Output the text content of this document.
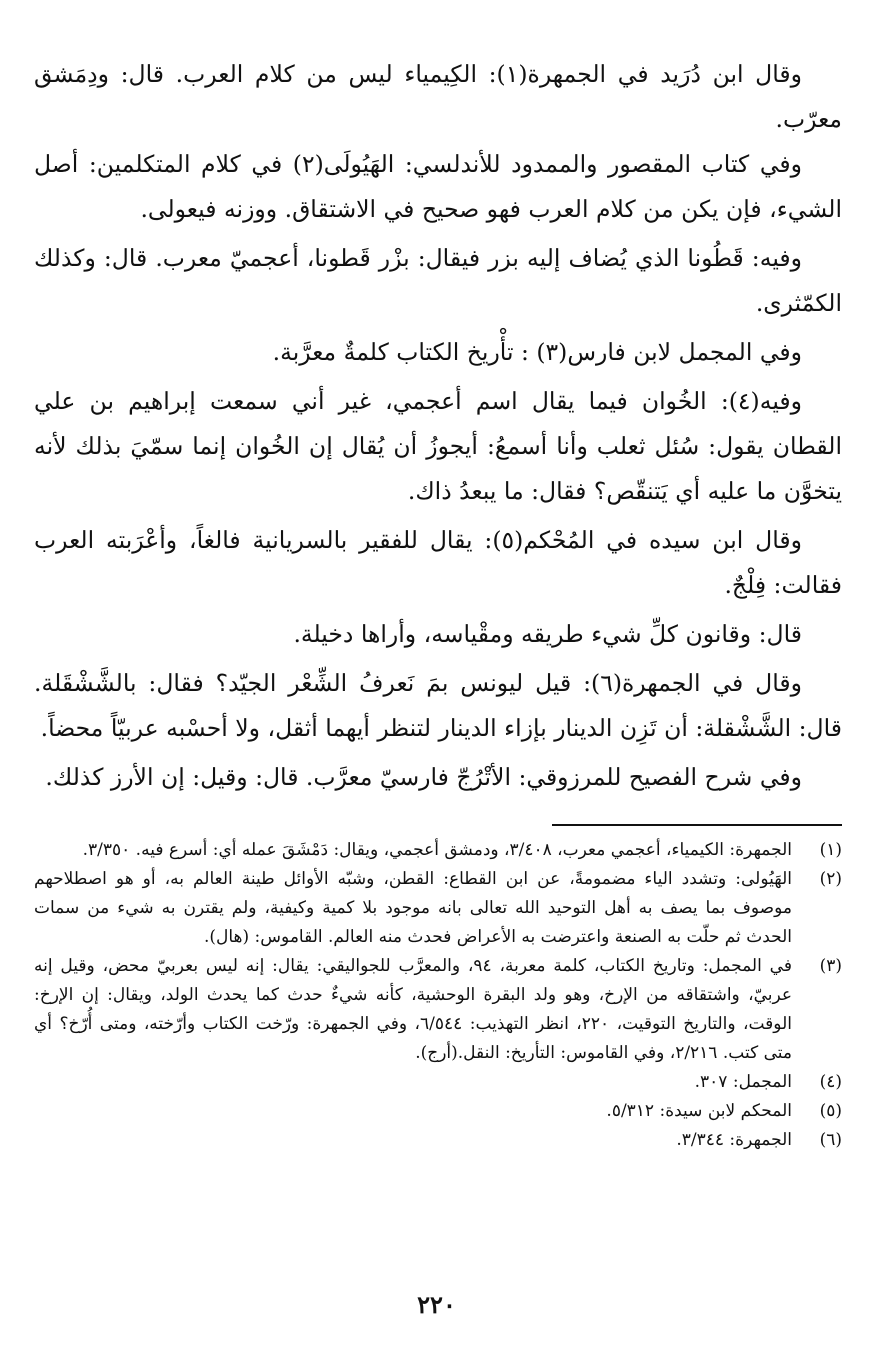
وقال ابن دُرَيد في الجمهرة(١): الكِيمياء ليس من كلام العرب. قال: ودِمَشق معرّب.

وفي كتاب المقصور والممدود للأندلسي: الهَيُولَى(٢) في كلام المتكلمين: أصل الشيء، فإن يكن من كلام العرب فهو صحيح في الاشتقاق. ووزنه فيعولى.

وفيه: قَطُونا الذي يُضاف إليه بزر فيقال: بزْر قَطونا، أعجميّ معرب. قال: وكذلك الكمّثرى.

وفي المجمل لابن فارس(٣) : تأْريخ الكتاب كلمةٌ معرَّبة.

وفيه(٤): الخُوان فيما يقال اسم أعجمي، غير أني سمعت إبراهيم بن علي القطان يقول: سُئل ثعلب وأنا أسمعُ: أيجوزُ أن يُقال إن الخُوان إنما سمّيَ بذلك لأنه يتخوَّن ما عليه أي يَتنقّص؟ فقال: ما يبعدُ ذاك.

وقال ابن سيده في المُحْكم(٥): يقال للفقير بالسريانية فالغاً، وأعْرَبته العرب فقالت: فِلْجٌ.

قال: وقانون كلِّ شيء طريقه ومقْياسه، وأراها دخيلة.

وقال في الجمهرة(٦): قيل ليونس بمَ نَعرفُ الشِّعْر الجيّد؟ فقال: بالشَّشْقَلة. قال: الشَّشْقلة: أن تَزِن الدينار بإزاء الدينار لتنظر أيهما أثقل، ولا أحسْبه عربيّاً محضاً.

وفي شرح الفصيح للمرزوقي: الأتْرُجّ فارسيّ معرَّب. قال: وقيل: إن الأرز كذلك.

(١)
الجمهرة: الكيمياء، أعجمي معرب، ٣/٤٠٨، ودمشق أعجمي، ويقال: دَمْشَقَ عمله أي: أسرع فيه. ٣/٣٥٠.
(٢)
الهَيُولى: وتشدد الياء مضمومةً، عن ابن القطاع: القطن، وشبّه الأوائل طينة العالم به، أو هو اصطلاحهم موصوف بما يصف به أهل التوحيد الله تعالى بانه موجود بلا كمية وكيفية، ولم يقترن به شيء من سمات الحدث ثم حلّت به الصنعة واعترضت به الأعراض فحدث منه العالم. القاموس: (هال).
(٣)
في المجمل: وتاريخ الكتاب، كلمة معربة، ٩٤، والمعرَّب للجواليقي: يقال: إنه ليس بعربيّ محض، وقيل إنه عربيّ، واشتقاقه من الإرخ، وهو ولد البقرة الوحشية، كأنه شيءٌ حدث كما يحدث الولد، ويقال: إن الإرخ: الوقت، والتاريخ التوقيت، ٢٢٠، انظر التهذيب: ٦/٥٤٤، وفي الجمهرة: ورّخت الكتاب وأرّخته، ومتى أُرّخ؟ أي متى كتب. ٢/٢١٦، وفي القاموس: التأريخ: النقل.(أرج).
(٤)
المجمل: ٣٠٧.
(٥)
المحكم لابن سيدة: ٥/٣١٢.
(٦)
الجمهرة: ٣/٣٤٤.
٢٢٠
